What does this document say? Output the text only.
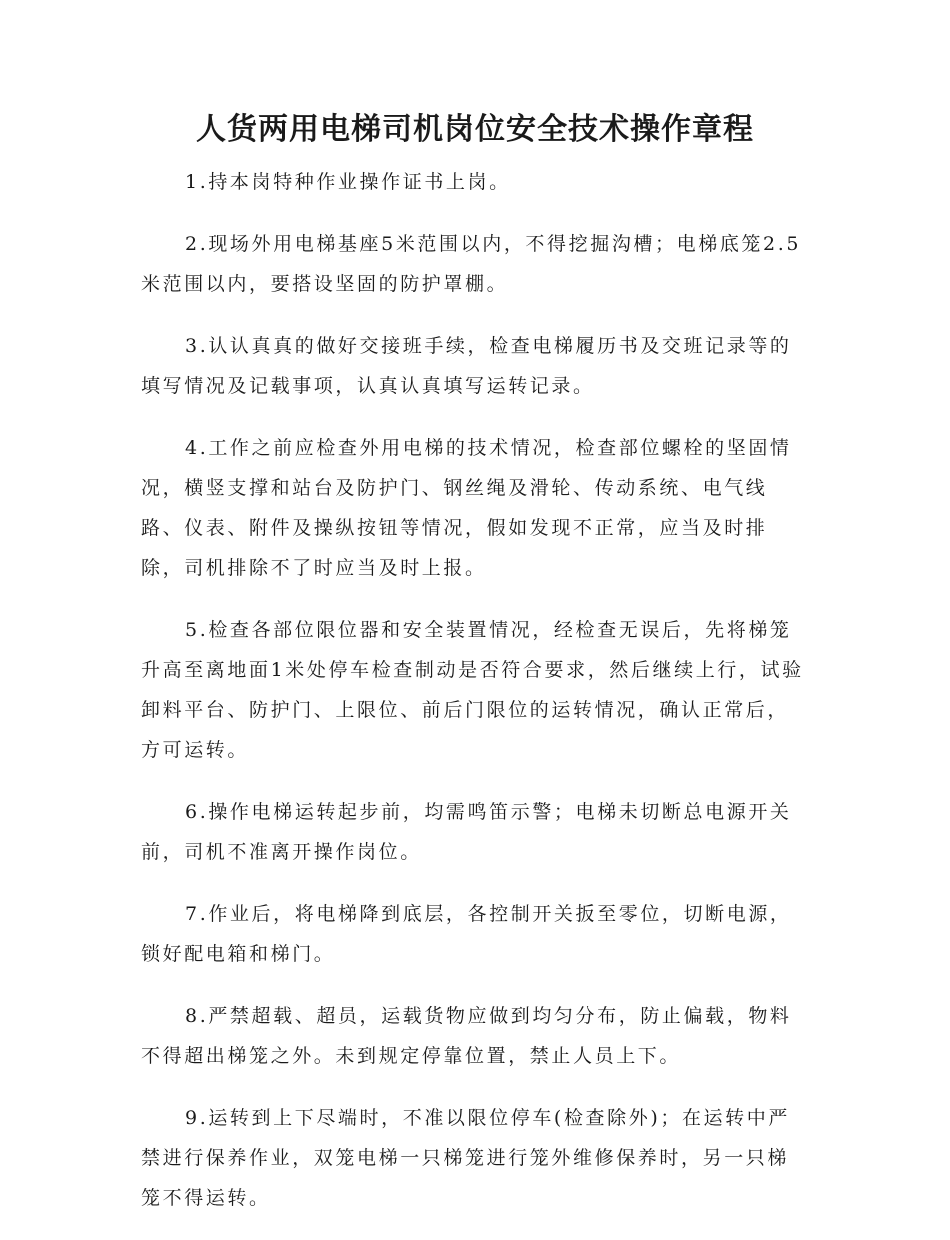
人货两用电梯司机岗位安全技术操作章程

1.持本岗特种作业操作证书上岗。

2.现场外用电梯基座5米范围以内，不得挖掘沟槽；电梯底笼2.5米范围以内，要搭设坚固的防护罩棚。

3.认认真真的做好交接班手续，检查电梯履历书及交班记录等的填写情况及记载事项，认真认真填写运转记录。

4.工作之前应检查外用电梯的技术情况，检查部位螺栓的坚固情况，横竖支撑和站台及防护门、钢丝绳及滑轮、传动系统、电气线路、仪表、附件及操纵按钮等情况，假如发现不正常，应当及时排除，司机排除不了时应当及时上报。

5.检查各部位限位器和安全装置情况，经检查无误后，先将梯笼升高至离地面1米处停车检查制动是否符合要求，然后继续上行，试验卸料平台、防护门、上限位、前后门限位的运转情况，确认正常后，方可运转。

6.操作电梯运转起步前，均需鸣笛示警；电梯未切断总电源开关前，司机不准离开操作岗位。

7.作业后，将电梯降到底层，各控制开关扳至零位，切断电源，锁好配电箱和梯门。

8.严禁超载、超员，运载货物应做到均匀分布，防止偏载，物料不得超出梯笼之外。未到规定停靠位置，禁止人员上下。

9.运转到上下尽端时，不准以限位停车(检查除外)；在运转中严禁进行保养作业，双笼电梯一只梯笼进行笼外维修保养时，另一只梯笼不得运转。
